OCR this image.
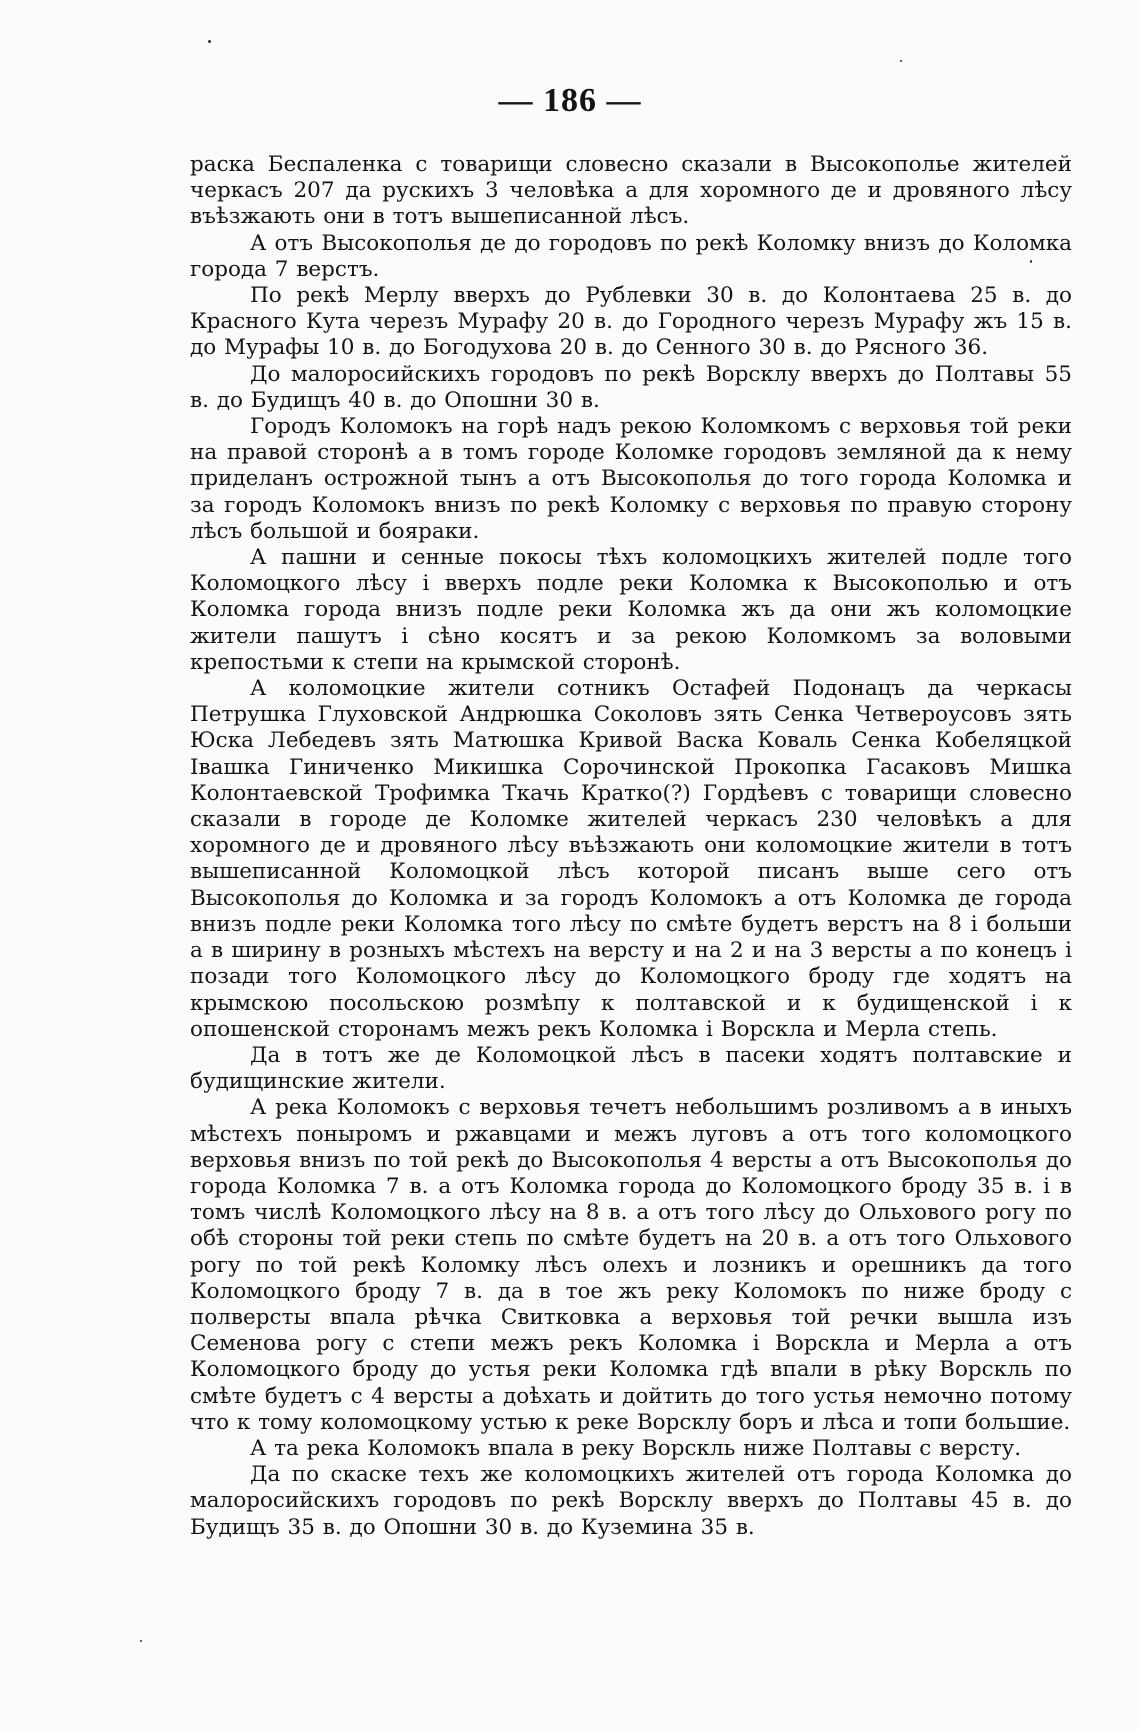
— 186 —

раска Беспаленка с товарищи словесно сказали в Высокополье жителей черкасъ 207 да рускихъ 3 человѣка а для хоромного де и дровяного лѣсу въѣзжають они в тотъ вышеписанной лѣсъ.

А отъ Высокополья де до городовъ по рекѣ Коломку внизъ до Коломка города 7 верстъ.

По рекѣ Мерлу вверхъ до Рублевки 30 в. до Колонтаева 25 в. до Красного Кута черезъ Мурафу 20 в. до Городного черезъ Мурафу жъ 15 в. до Мурафы 10 в. до Богодухова 20 в. до Сенного 30 в. до Рясного 36.

До малоросийскихъ городовъ по рекѣ Ворсклу вверхъ до Полтавы 55 в. до Будищъ 40 в. до Опошни 30 в.

Городъ Коломокъ на горѣ надъ рекою Коломкомъ с верховья той реки на правой сторонѣ а в томъ городе Коломке городовъ земляной да к нему приделанъ острожной тынъ а отъ Высокополья до того города Коломка и за городъ Коломокъ внизъ по рекѣ Коломку с верховья по правую сторону лѣсъ большой и бояраки.

А пашни и сенные покосы тѣхъ коломоцкихъ жителей подле того Коломоцкого лѣсу і вверхъ подле реки Коломка к Высокополью и отъ Коломка города внизъ подле реки Коломка жъ да они жъ коломоцкие жители пашутъ і сѣно косятъ и за рекою Коломкомъ за воловыми крепостьми к степи на крымской сторонѣ.

А коломоцкие жители сотникъ Остафей Подонацъ да черкасы Петрушка Глуховской Андрюшка Соколовъ зять Сенка Четвероусовъ зять Юска Лебедевъ зять Матюшка Кривой Васка Коваль Сенка Кобеляцкой Івашка Гиниченко Микишка Сорочинской Прокопка Гасаковъ Мишка Колонтаевской Трофимка Ткачь Кратко(?) Гордѣевъ с товарищи словесно сказали в городе де Коломке жителей черкасъ 230 человѣкъ а для хоромного де и дровяного лѣсу въѣзжають они коломоцкие жители в тотъ вышеписанной Коломоцкой лѣсъ которой писанъ выше сего отъ Высокополья до Коломка и за городъ Коломокъ а отъ Коломка де города внизъ подле реки Коломка того лѣсу по смѣте будетъ верстъ на 8 і больши а в ширину в розныхъ мѣстехъ на версту и на 2 и на 3 версты а по конецъ і позади того Коломоцкого лѣсу до Коломоцкого броду где ходятъ на крымскою посольскою розмѣпу к полтавской и к будищенской і к опошенской сторонамъ межъ рекъ Коломка і Ворскла и Мерла степь.

Да в тотъ же де Коломоцкой лѣсъ в пасеки ходятъ полтавские и будищинские жители.

А река Коломокъ с верховья течетъ небольшимъ розливомъ а в иныхъ мѣстехъ поныромъ и ржавцами и межъ луговъ а отъ того коломоцкого верховья внизъ по той рекѣ до Высокополья 4 версты а отъ Высокополья до города Коломка 7 в. а отъ Коломка города до Коломоцкого броду 35 в. і в томъ числѣ Коломоцкого лѣсу на 8 в. а отъ того лѣсу до Ольхового рогу по обѣ стороны той реки степь по смѣте будетъ на 20 в. а отъ того Ольхового рогу по той рекѣ Коломку лѣсъ олехъ и лозникъ и орешникъ да того Коломоцкого броду 7 в. да в тое жъ реку Коломокъ по ниже броду с полверсты впала рѣчка Свитковка а верховья той речки вышла изъ Семенова рогу с степи межъ рекъ Коломка і Ворскла и Мерла а отъ Коломоцкого броду до устья реки Коломка гдѣ впали в рѣку Ворскль по смѣте будетъ с 4 версты а доѣхать и дойтить до того устья немочно потому что к тому коломоцкому устью к реке Ворсклу боръ и лѣса и топи большие.

А та река Коломокъ впала в реку Ворскль ниже Полтавы с версту.

Да по скаске техъ же коломоцкихъ жителей отъ города Коломка до малоросийскихъ городовъ по рекѣ Ворсклу вверхъ до Полтавы 45 в. до Будищъ 35 в. до Опошни 30 в. до Куземина 35 в.
